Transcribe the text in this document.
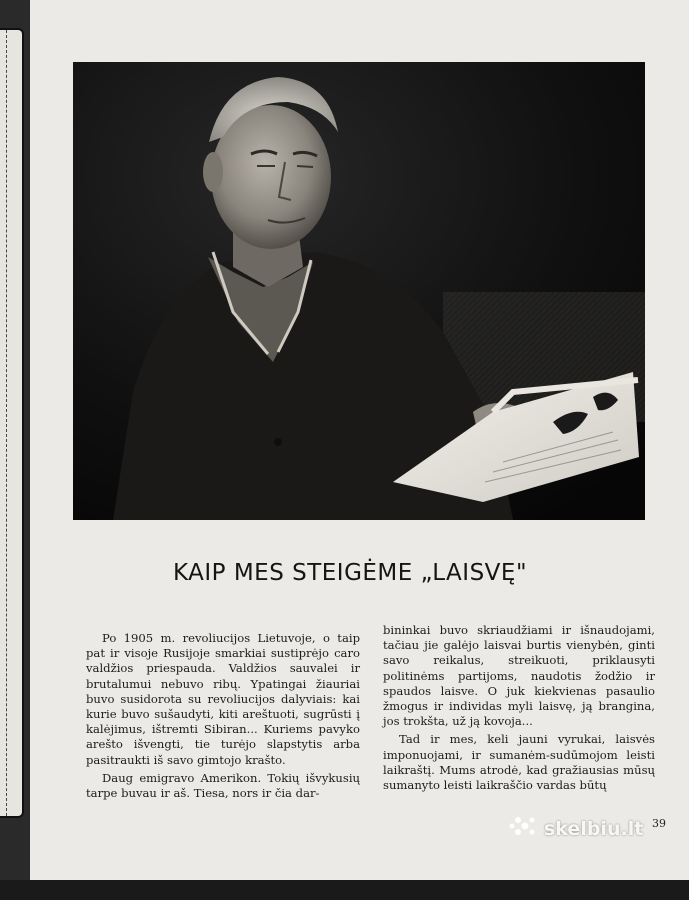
KAIP MES STEIGĖME „LAISVĘ"

Po 1905 m. revoliucijos Lietuvoje, o taip pat ir visoje Rusijoje smarkiai sustiprėjo caro valdžios priespauda. Valdžios sauvalei ir brutalumui nebuvo ribų. Ypatingai žiauriai buvo susidorota su revoliucijos dalyviais: kai kurie buvo sušaudyti, kiti areštuoti, sugrūsti į kalėjimus, ištremti Sibiran... Kuriems pavyko arešto išvengti, tie turėjo slapstytis arba pasitraukti iš savo gimtojo krašto.

Daug emigravo Amerikon. Tokių išvykusių tarpe buvau ir aš. Tiesa, nors ir čia dar-

bininkai buvo skriaudžiami ir išnaudojami, tačiau jie galėjo laisvai burtis vienybėn, ginti savo reikalus, streikuoti, priklausyti politinėms partijoms, naudotis žodžio ir spaudos laisve. O juk kiekvienas pasaulio žmogus ir individas myli laisvę, ją brangina, jos trokšta, už ją kovoja...

Tad ir mes, keli jauni vyrukai, laisvės imponuojami, ir sumanėm-sudūmojom leisti laikraštį. Mums atrodė, kad gražiausias mūsų sumanyto leisti laikraščio vardas būtų

skelbiu.lt 39
